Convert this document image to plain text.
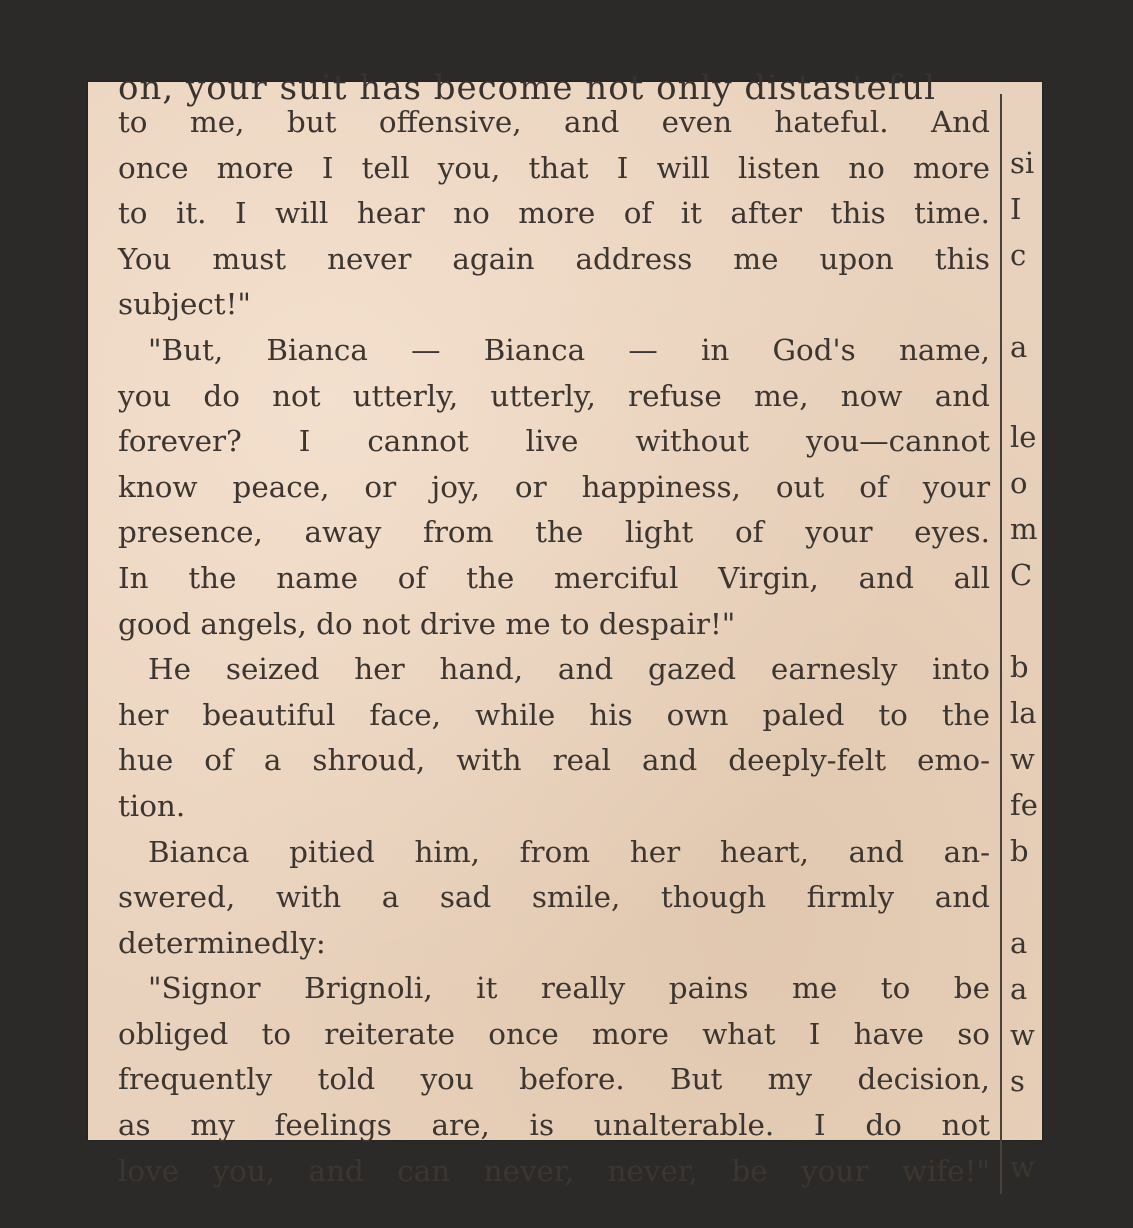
on, your suit has become not only distasteful
to me, but offensive, and even hateful. And
once more I tell you, that I will listen no more
to it. I will hear no more of it after this time.
You must never again address me upon this
subject!"
"But, Bianca — Bianca — in God's name,
you do not utterly, utterly, refuse me, now and
forever? I cannot live without you—cannot
know peace, or joy, or happiness, out of your
presence, away from the light of your eyes.
In the name of the merciful Virgin, and all
good angels, do not drive me to despair!"
He seized her hand, and gazed earnesly into
her beautiful face, while his own paled to the
hue of a shroud, with real and deeply-felt emo-
tion.
Bianca pitied him, from her heart, and an-
swered, with a sad smile, though firmly and
determinedly:
"Signor Brignoli, it really pains me to be
obliged to reiterate once more what I have so
frequently told you before. But my decision,
as my feelings are, is unalterable. I do not
love you, and can never, never, be your wife!"
si
I
c
a
le
o
m
C
b
la
w
fe
b
a
a
w
s
w
